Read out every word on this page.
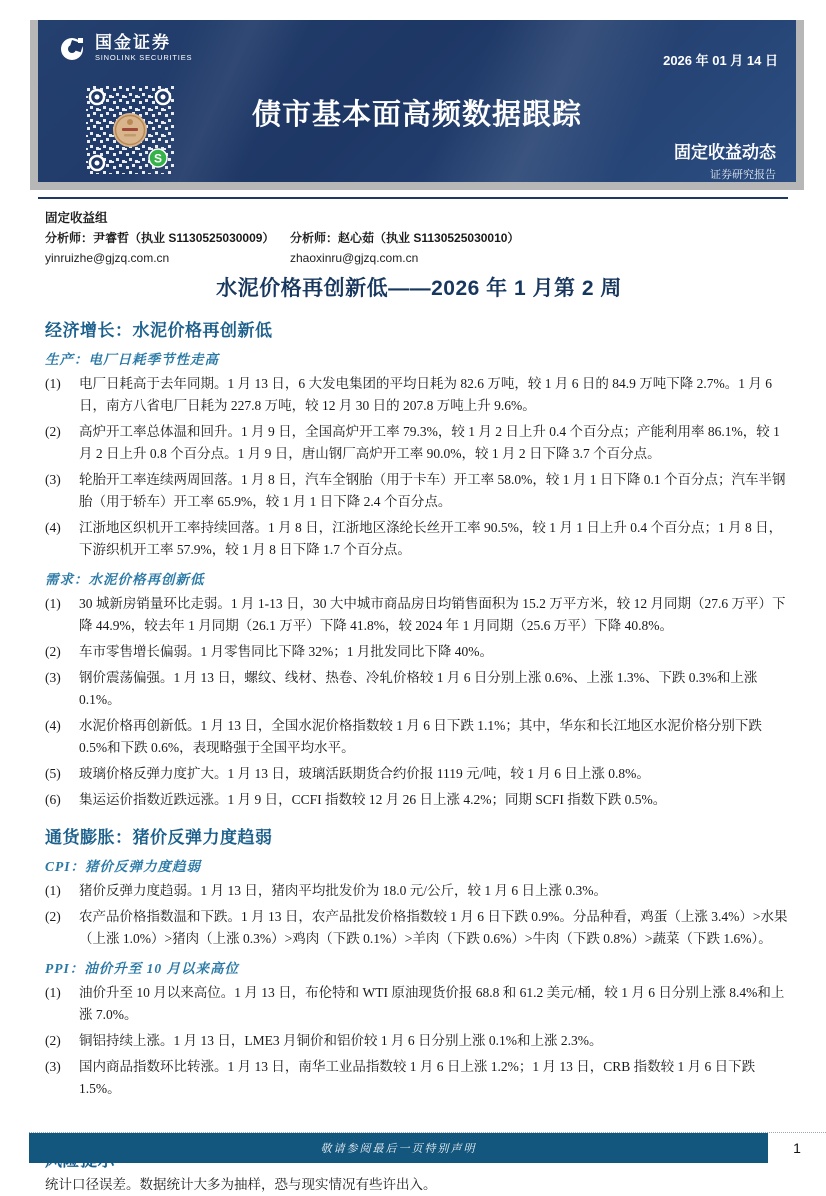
国金证券
SINOLINK SECURITIES	2026 年 01 月 14 日
债市基本面高频数据跟踪
S	固定收益动态
证券研究报告
固定收益组
分析师：尹睿哲（执业 S1130525030009）
yinruizhe@gjzq.com.cn
分析师：赵心茹（执业 S1130525030010）
zhaoxinru@gjzq.com.cn
水泥价格再创新低——2026 年 1 月第 2 周
经济增长：水泥价格再创新低
生产：电厂日耗季节性走高
(1)	电厂日耗高于去年同期。1 月 13 日，6 大发电集团的平均日耗为 82.6 万吨，较 1 月 6 日的 84.9 万吨下降 2.7%。1 月 6 日，南方八省电厂日耗为 227.8 万吨，较 12 月 30 日的 207.8 万吨上升 9.6%。
(2)	高炉开工率总体温和回升。1 月 9 日，全国高炉开工率 79.3%，较 1 月 2 日上升 0.4 个百分点；产能利用率 86.1%，较 1 月 2 日上升 0.8 个百分点。1 月 9 日，唐山钢厂高炉开工率 90.0%，较 1 月 2 日下降 3.7 个百分点。
(3)	轮胎开工率连续两周回落。1 月 8 日，汽车全钢胎（用于卡车）开工率 58.0%，较 1 月 1 日下降 0.1 个百分点；汽车半钢胎（用于轿车）开工率 65.9%，较 1 月 1 日下降 2.4 个百分点。
(4)	江浙地区织机开工率持续回落。1 月 8 日，江浙地区涤纶长丝开工率 90.5%，较 1 月 1 日上升 0.4 个百分点；1 月 8 日，下游织机开工率 57.9%，较 1 月 8 日下降 1.7 个百分点。
需求：水泥价格再创新低
(1)	30 城新房销量环比走弱。1 月 1-13 日，30 大中城市商品房日均销售面积为 15.2 万平方米，较 12 月同期（27.6 万平）下降 44.9%，较去年 1 月同期（26.1 万平）下降 41.8%，较 2024 年 1 月同期（25.6 万平）下降 40.8%。
(2)	车市零售增长偏弱。1 月零售同比下降 32%；1 月批发同比下降 40%。
(3)	钢价震荡偏强。1 月 13 日，螺纹、线材、热卷、冷轧价格较 1 月 6 日分别上涨 0.6%、上涨 1.3%、下跌 0.3%和上涨 0.1%。
(4)	水泥价格再创新低。1 月 13 日，全国水泥价格指数较 1 月 6 日下跌 1.1%；其中，华东和长江地区水泥价格分别下跌 0.5%和下跌 0.6%，表现略强于全国平均水平。
(5)	玻璃价格反弹力度扩大。1 月 13 日，玻璃活跃期货合约价报 1119 元/吨，较 1 月 6 日上涨 0.8%。
(6)	集运运价指数近跌远涨。1 月 9 日，CCFI 指数较 12 月 26 日上涨 4.2%；同期 SCFI 指数下跌 0.5%。
通货膨胀：猪价反弹力度趋弱
CPI：猪价反弹力度趋弱
(1)	猪价反弹力度趋弱。1 月 13 日，猪肉平均批发价为 18.0 元/公斤，较 1 月 6 日上涨 0.3%。
(2)	农产品价格指数温和下跌。1 月 13 日，农产品批发价格指数较 1 月 6 日下跌 0.9%。分品种看，鸡蛋（上涨 3.4%）>水果（上涨 1.0%）>猪肉（上涨 0.3%）>鸡肉（下跌 0.1%）>羊肉（下跌 0.6%）>牛肉（下跌 0.8%）>蔬菜（下跌 1.6%）。
PPI：油价升至 10 月以来高位
(1)	油价升至 10 月以来高位。1 月 13 日，布伦特和 WTI 原油现货价报 68.8 和 61.2 美元/桶，较 1 月 6 日分别上涨 8.4%和上涨 7.0%。
(2)	铜铝持续上涨。1 月 13 日，LME3 月铜价和铝价较 1 月 6 日分别上涨 0.1%和上涨 2.3%。
(3)	国内商品指数环比转涨。1 月 13 日，南华工业品指数较 1 月 6 日上涨 1.2%；1 月 13 日，CRB 指数较 1 月 6 日下跌 1.5%。

统计口径误差。数据统计大多为抽样，恐与现实情况有些许出入。

敬请参阅最后一页特别声明	1
